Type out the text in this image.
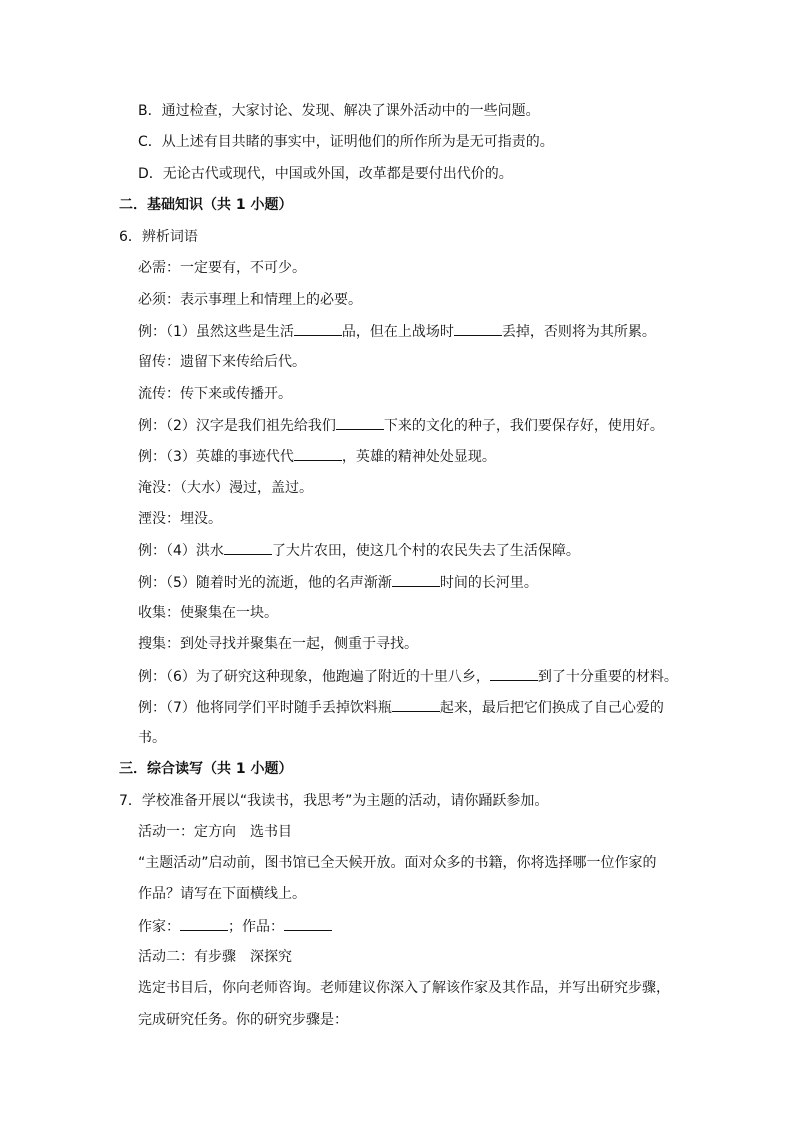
B．通过检查，大家讨论、发现、解决了课外活动中的一些问题。
C．从上述有目共睹的事实中，证明他们的所作所为是无可指责的。
D．无论古代或现代，中国或外国，改革都是要付出代价的。
二．基础知识（共 1 小题）
6．辨析词语
必需：一定要有，不可少。
必须：表示事理上和情理上的必要。
例：（1）虽然这些是生活	品，但在上战场时	丢掉，否则将为其所累。
留传：遗留下来传给后代。
流传：传下来或传播开。
例：（2）汉字是我们祖先给我们	下来的文化的种子，我们要保存好，使用好。
例：（3）英雄的事迹代代	，英雄的精神处处显现。
淹没：（大水）漫过，盖过。
湮没：埋没。
例：（4）洪水	了大片农田，使这几个村的农民失去了生活保障。
例：（5）随着时光的流逝，他的名声渐渐	时间的长河里。
收集：使聚集在一块。
搜集：到处寻找并聚集在一起，侧重于寻找。
例：（6）为了研究这种现象，他跑遍了附近的十里八乡，	到了十分重要的材料。
例：（7）他将同学们平时随手丢掉饮料瓶	起来，最后把它们换成了自己心爱的
书。
三．综合读写（共 1 小题）
7．学校准备开展以“我读书，我思考”为主题的活动，请你踊跃参加。
活动一：定方向　选书目
“主题活动”启动前，图书馆已全天候开放。面对众多的书籍，你将选择哪一位作家的
作品？请写在下面横线上。
作家：	；作品：
活动二：有步骤　深探究
选定书目后，你向老师咨询。老师建议你深入了解该作家及其作品，并写出研究步骤，
完成研究任务。你的研究步骤是：
